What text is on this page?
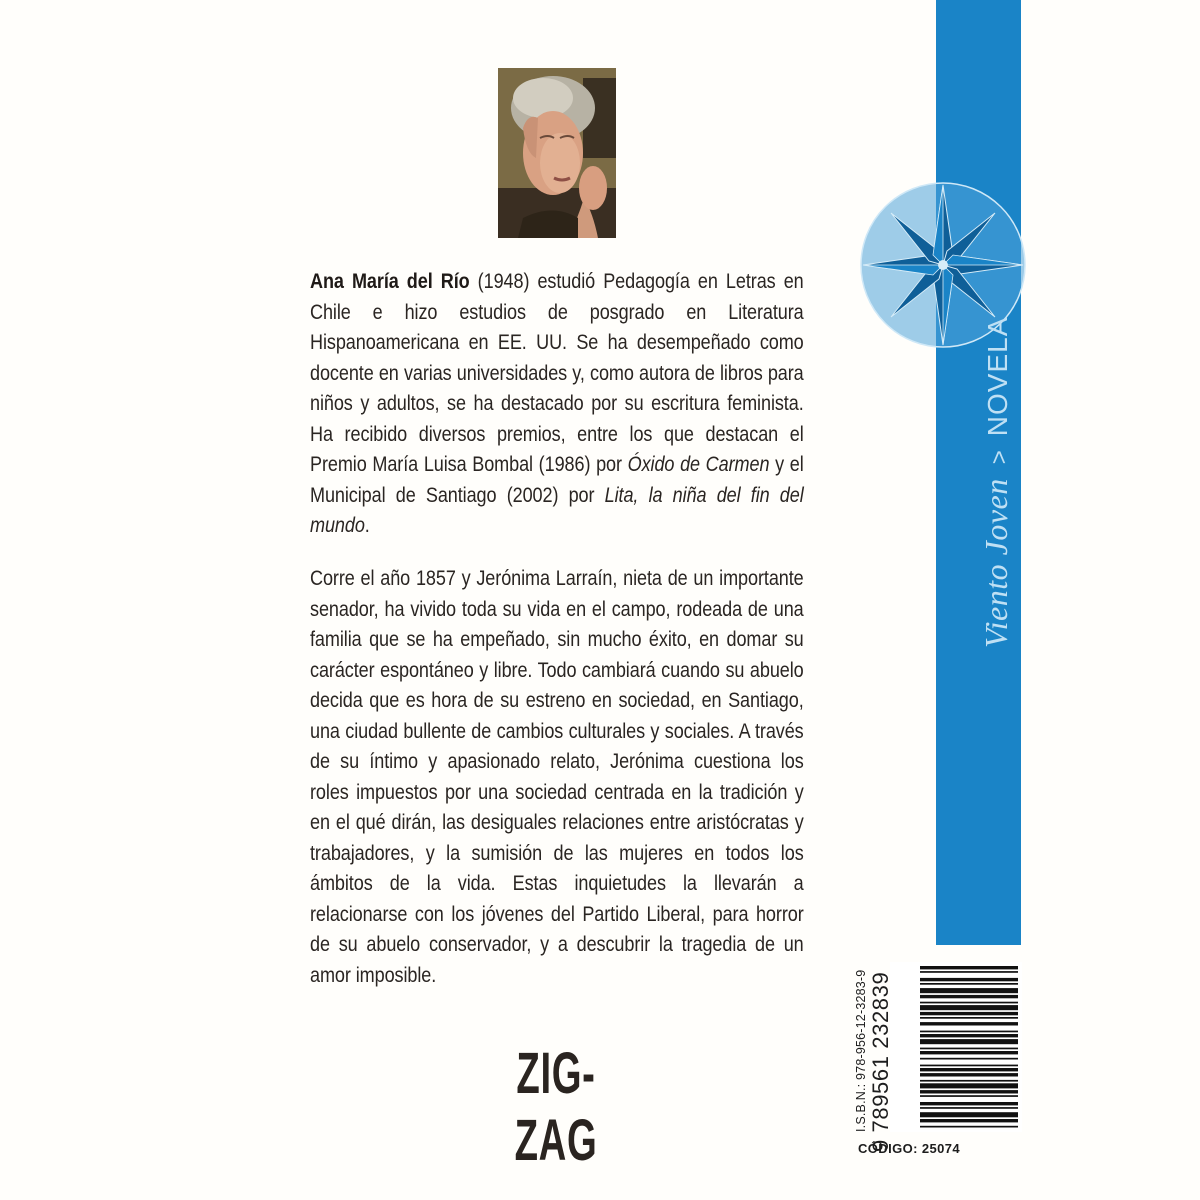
Ana María del Río (1948) estudió Pedagogía en Letras en Chile e hizo estudios de posgrado en Literatura Hispanoamericana en EE. UU. Se ha desempeñado como docente en varias universidades y, como autora de libros para niños y adultos, se ha destacado por su escritura feminista. Ha recibido diversos premios, entre los que destacan el Premio María Luisa Bombal (1986) por Óxido de Carmen y el Municipal de Santiago (2002) por Lita, la niña del fin del mundo.
Corre el año 1857 y Jerónima Larraín, nieta de un importante senador, ha vivido toda su vida en el campo, rodeada de una familia que se ha empeñado, sin mucho éxito, en domar su carácter espontáneo y libre. Todo cambiará cuando su abuelo decida que es hora de su estreno en sociedad, en Santiago, una ciudad bullente de cambios culturales y sociales. A través de su íntimo y apasionado relato, Jerónima cuestiona los roles impuestos por una sociedad centrada en la tradición y en el qué dirán, las desiguales relaciones entre aristócratas y trabajadores, y la sumisión de las mujeres en todos los ámbitos de la vida. Estas inquietudes la llevarán a relacionarse con los jóvenes del Partido Liberal, para horror de su abuelo conservador, y a descubrir la tragedia de un amor imposible.
ZIG-ZAG
Viento Joven>NOVELA
I.S.B.N.: 978-956-12-3283-9 9 789561 232839
CÓDIGO: 25074
